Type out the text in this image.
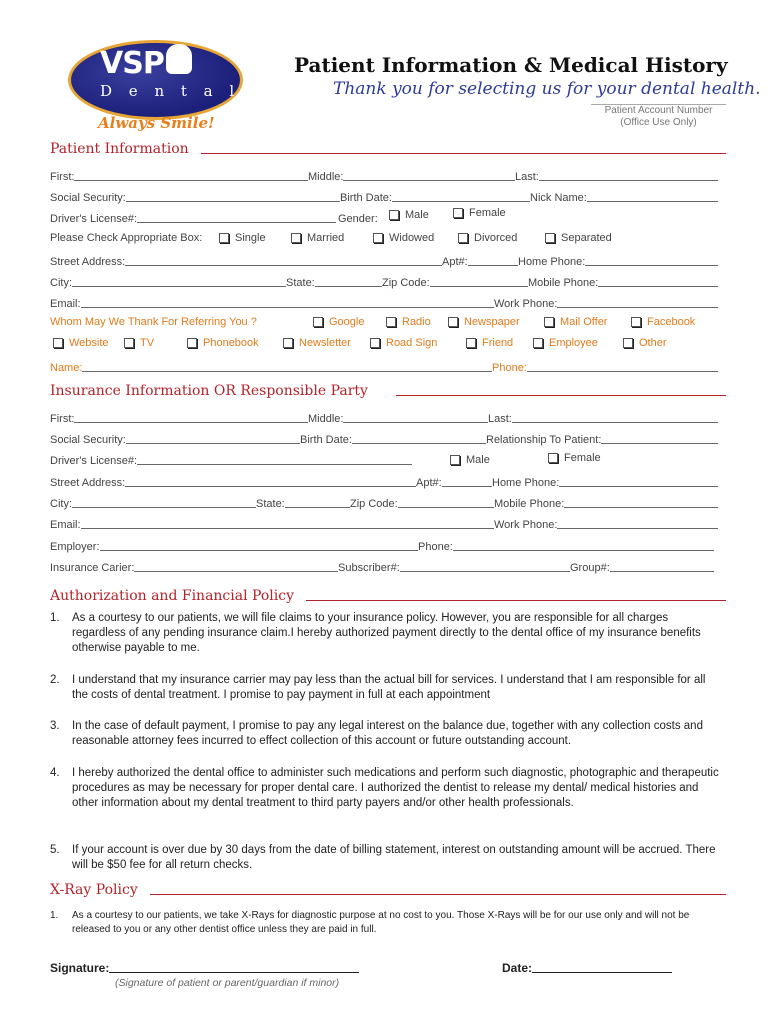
VSP
D e n t a l
Always Smile!
Patient Information & Medical History
Thank you for selecting us for your dental health.
Patient Account Number
(Office Use Only)
Patient Information
First:	Middle:	Last:
Social Security:	Birth Date:	Nick Name:
Driver's License#:	Gender: Male	Female
Please Check Appropriate Box:	Single	Married	Widowed	Divorced	Separated
Street Address:	Apt#:	Home Phone:
City:	State:	Zip Code:	Mobile Phone:
Email:	Work Phone:
Whom May We Thank For Referring You ?	Google	Radio	Newspaper	Mail Offer	Facebook
Website	TV	Phonebook	Newsletter	Road Sign	Friend	Employee	Other
Name:	Phone:
Insurance Information OR Responsible Party
First:	Middle:	Last:
Social Security:	Birth Date:	Relationship To Patient:
Driver's License#:	Male	Female
Street Address:	Apt#:	Home Phone:
City:	State:	Zip Code:	Mobile Phone:
Email:	Work Phone:
Employer:	Phone:
Insurance Carier:	Subscriber#:	Group#:
Authorization and Financial Policy
1.	As a courtesy to our patients, we will file claims to your insurance policy. However, you are responsible for all charges regardless of any pending insurance claim.I hereby authorized payment directly to the dental office of my insurance benefits otherwise payable to me.
2.	I understand that my insurance carrier may pay less than the actual bill for services. I understand that I am responsible for all the costs of dental treatment. I promise to pay payment in full at each appointment
3.	In the case of default payment, I promise to pay any legal interest on the balance due, together with any collection costs and reasonable attorney fees incurred to effect collection of this account or future outstanding account.
4.	I hereby authorized the dental office to administer such medications and perform such diagnostic, photographic and therapeutic procedures as may be necessary for proper dental care. I authorized the dentist to release my dental/ medical histories and other information about my dental treatment to third party payers and/or other health professionals.
5.	If your account is over due by 30 days from the date of billing statement, interest on outstanding amount will be accrued. There will be $50 fee for all return checks.
X-Ray Policy
1.	As a courtesy to our patients, we take X-Rays for diagnostic purpose at no cost to you. Those X-Rays will be for our use only and will not be released to you or any other dentist office unless they are paid in full.
Signature:
(Signature of patient or parent/guardian if minor)
Date:
